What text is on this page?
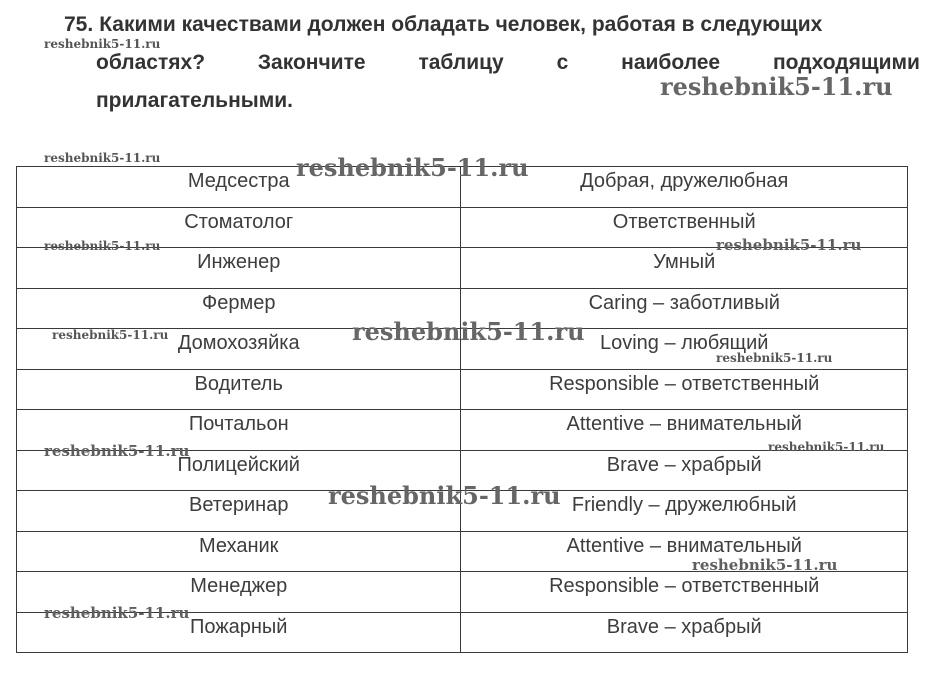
75. Какими качествами должен обладать человек, работая в следующих
областях?	Закончите	таблицу	с	наиболее	подходящими
прилагательными.
Медсестра	Добрая, дружелюбная
Стоматолог	Ответственный
Инженер	Умный
Фермер	Caring – заботливый
Домохозяйка	Loving – любящий
Водитель	Responsible – ответственный
Почтальон	Attentive – внимательный
Полицейский	Brave – храбрый
Ветеринар	Friendly – дружелюбный
Механик	Attentive – внимательный
Менеджер	Responsible – ответственный
Пожарный	Brave – храбрый
reshebnik5-11.ru
reshebnik5-11.ru
reshebnik5-11.ru	reshebnik5-11.ru
reshebnik5-11.ru	reshebnik5-11.ru
reshebnik5-11.ru	reshebnik5-11.ru
reshebnik5-11.ru
reshebnik5-11.ru
reshebnik5-11.ru
reshebnik5-11.ru
reshebnik5-11.ru
reshebnik5-11.ru
